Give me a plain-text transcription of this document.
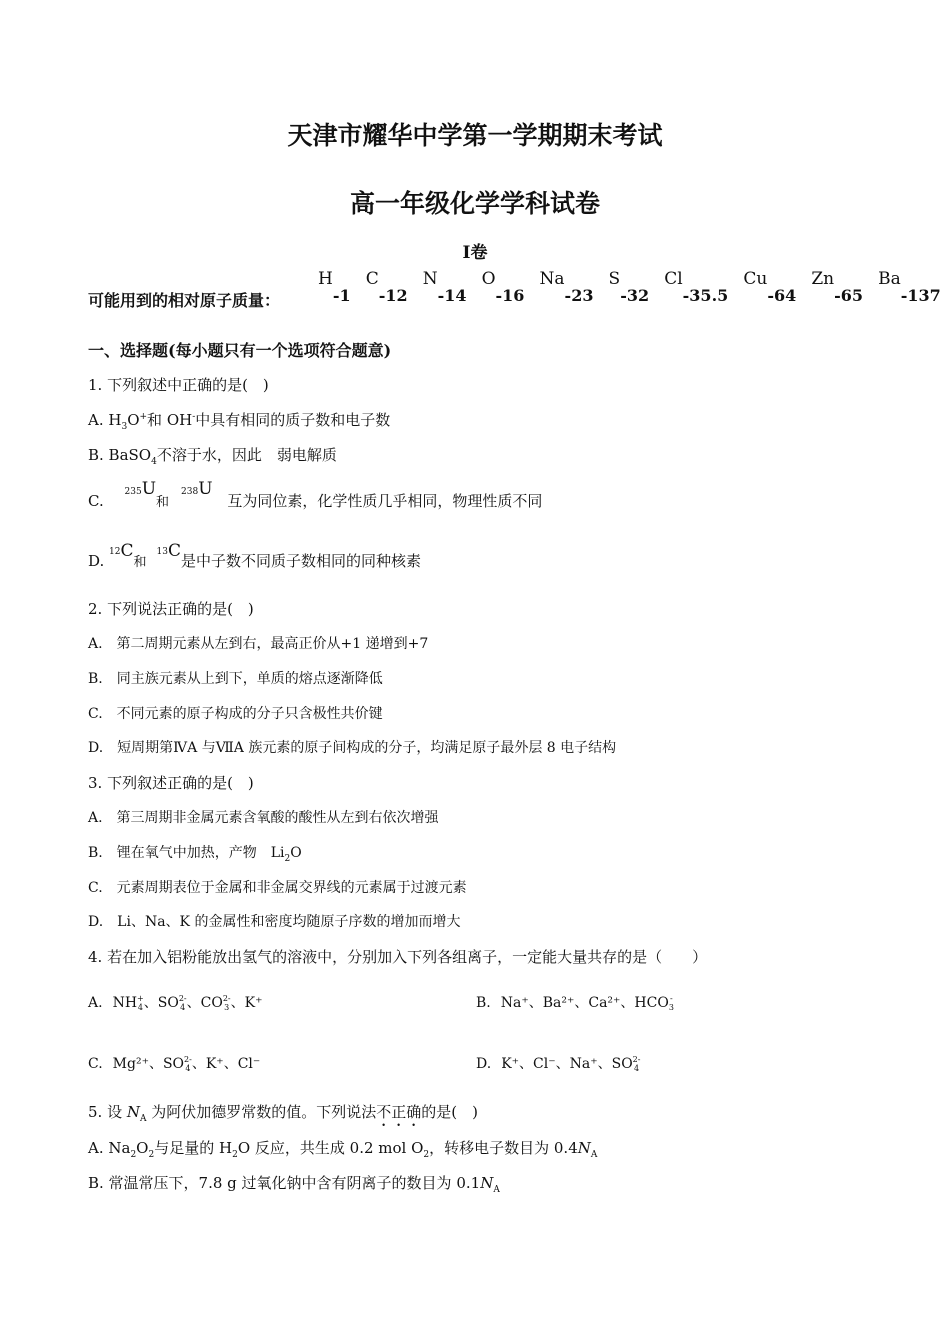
天津市耀华中学第一学期期末考试
高一年级化学学科试卷
I卷
可能用到的相对原子质量：
H-1 C-12 N-14 O-16 Na-23 S-32 Cl-35.5 Cu-64 Zn-65 Ba-137
一、选择题(每小题只有一个选项符合题意)
1. 下列叙述中正确的是(　)
A. $H_3O^+$和 OH-中具有相同的质子数和电子数
B. BaSO$_4$不溶于水，因此　弱电解质
C. $^{235}$U和$^{238}$U 互为同位素，化学性质几乎相同，物理性质不同
D. $^{12}$C和$^{13}$C是中子数不同质子数相同的同种核素
2. 下列说法正确的是(　)
A.　第二周期元素从左到右，最高正价从+1 递增到+7
B.　同主族元素从上到下，单质的熔点逐渐降低
C.　不同元素的原子构成的分子只含极性共价键
D.　短周期第ⅣA 与ⅦA 族元素的原子间构成的分子，均满足原子最外层 8 电子结构
3. 下列叙述正确的是(　)
A.　第三周期非金属元素含氧酸的酸性从左到右依次增强
B.　锂在氧气中加热，产物　$Li_2O$
C.　元素周期表位于金属和非金属交界线的元素属于过渡元素
D.　Li、Na、K 的金属性和密度均随原子序数的增加而增大
4. 若在加入铝粉能放出氢气的溶液中，分别加入下列各组离子，一定能大量共存的是（　　）
A. NH +
4 、SO 2-
4 、CO 2-
3 、K⁺	B. Na⁺、Ba²⁺、Ca²⁺、HCO -
3
C. Mg²⁺、SO 2-
4 、K⁺、Cl⁻	D. K⁺、Cl⁻、Na⁺、SO 2-
4
5. 设 $N_A$ 为阿伏加德罗常数的值。下列说法不正确的是(　)
A. $Na_2O_2$与足量的 $H_2O$ 反应，共生成 0.2 mol $O_2$，转移电子数目为 $0.4N_A$
B. 常温常压下，7.8 g 过氧化钠中含有阴离子的数目为 $0.1N_A$
